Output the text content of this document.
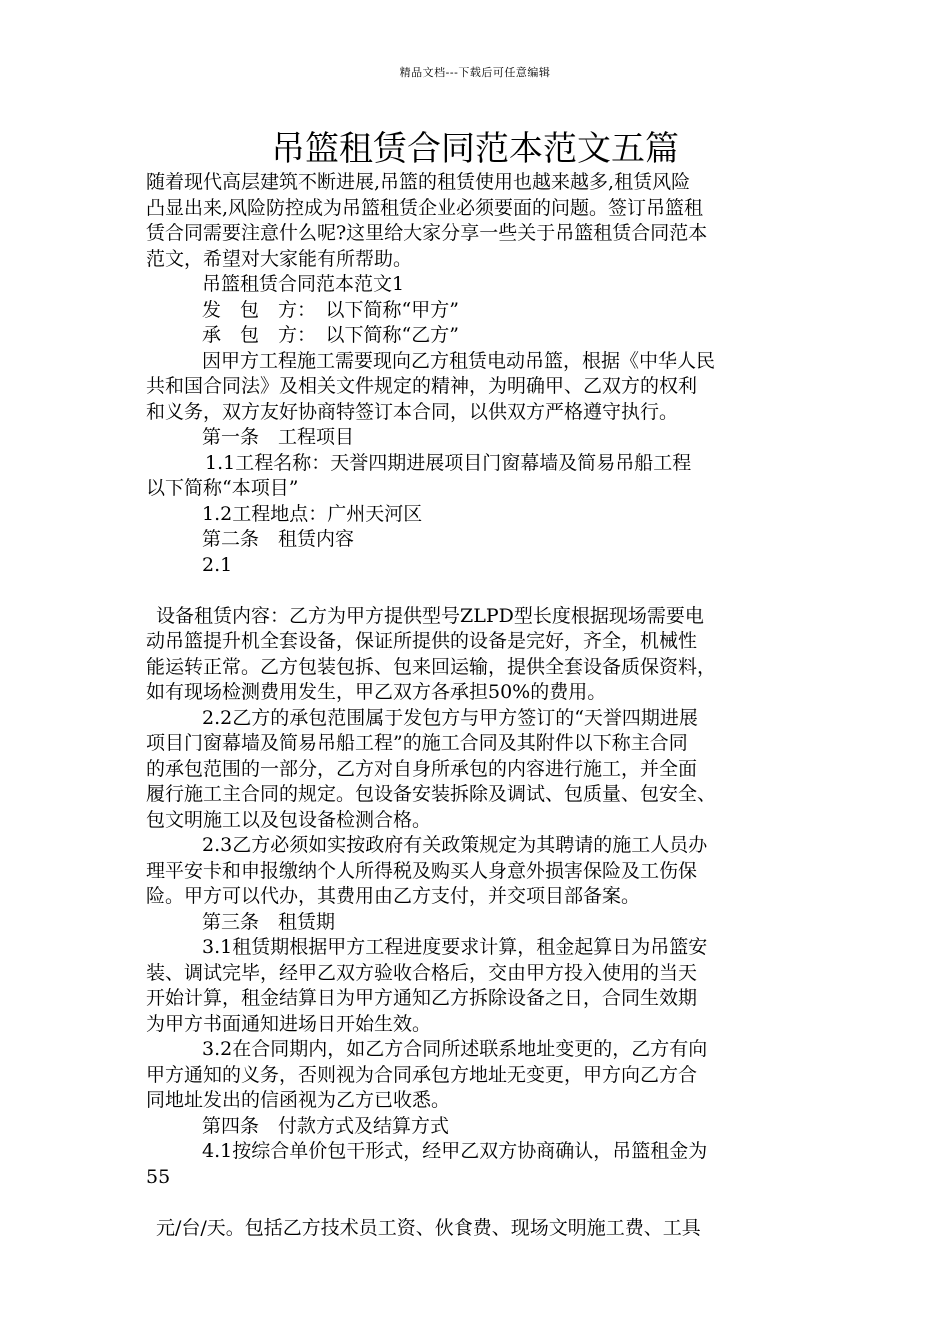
精品文档---下载后可任意编辑
吊篮租赁合同范本范文五篇
随着现代高层建筑不断进展,吊篮的租赁使用也越来越多,租赁风险
凸显出来,风险防控成为吊篮租赁企业必须要面的问题。签订吊篮租
赁合同需要注意什么呢?这里给大家分享一些关于吊篮租赁合同范本
范文，希望对大家能有所帮助。
吊篮租赁合同范本范文1
发　包　方：　以下简称“甲方”
承　包　方：　以下简称“乙方”
因甲方工程施工需要现向乙方租赁电动吊篮，根据《中华人民
共和国合同法》及相关文件规定的精神，为明确甲、乙双方的权利
和义务，双方友好协商特签订本合同，以供双方严格遵守执行。
第一条　工程项目
1.1工程名称：天誉四期进展项目门窗幕墙及简易吊船工程
以下简称“本项目”
1.2工程地点：广州天河区
第二条　租赁内容
2.1
设备租赁内容：乙方为甲方提供型号ZLPD型长度根据现场需要电
动吊篮提升机全套设备，保证所提供的设备是完好，齐全，机械性
能运转正常。乙方包装包拆、包来回运输，提供全套设备质保资料，
如有现场检测费用发生，甲乙双方各承担50%的费用。
2.2乙方的承包范围属于发包方与甲方签订的“天誉四期进展
项目门窗幕墙及简易吊船工程”的施工合同及其附件以下称主合同
的承包范围的一部分，乙方对自身所承包的内容进行施工，并全面
履行施工主合同的规定。包设备安装拆除及调试、包质量、包安全、
包文明施工以及包设备检测合格。
2.3乙方必须如实按政府有关政策规定为其聘请的施工人员办
理平安卡和申报缴纳个人所得税及购买人身意外损害保险及工伤保
险。甲方可以代办，其费用由乙方支付，并交项目部备案。
第三条　租赁期
3.1租赁期根据甲方工程进度要求计算，租金起算日为吊篮安
装、调试完毕，经甲乙双方验收合格后，交由甲方投入使用的当天
开始计算，租金结算日为甲方通知乙方拆除设备之日，合同生效期
为甲方书面通知进场日开始生效。
3.2在合同期内，如乙方合同所述联系地址变更的，乙方有向
甲方通知的义务，否则视为合同承包方地址无变更，甲方向乙方合
同地址发出的信函视为乙方已收悉。
第四条　付款方式及结算方式
4.1按综合单价包干形式，经甲乙双方协商确认，吊篮租金为
55
元/台/天。包括乙方技术员工资、伙食费、现场文明施工费、工具
